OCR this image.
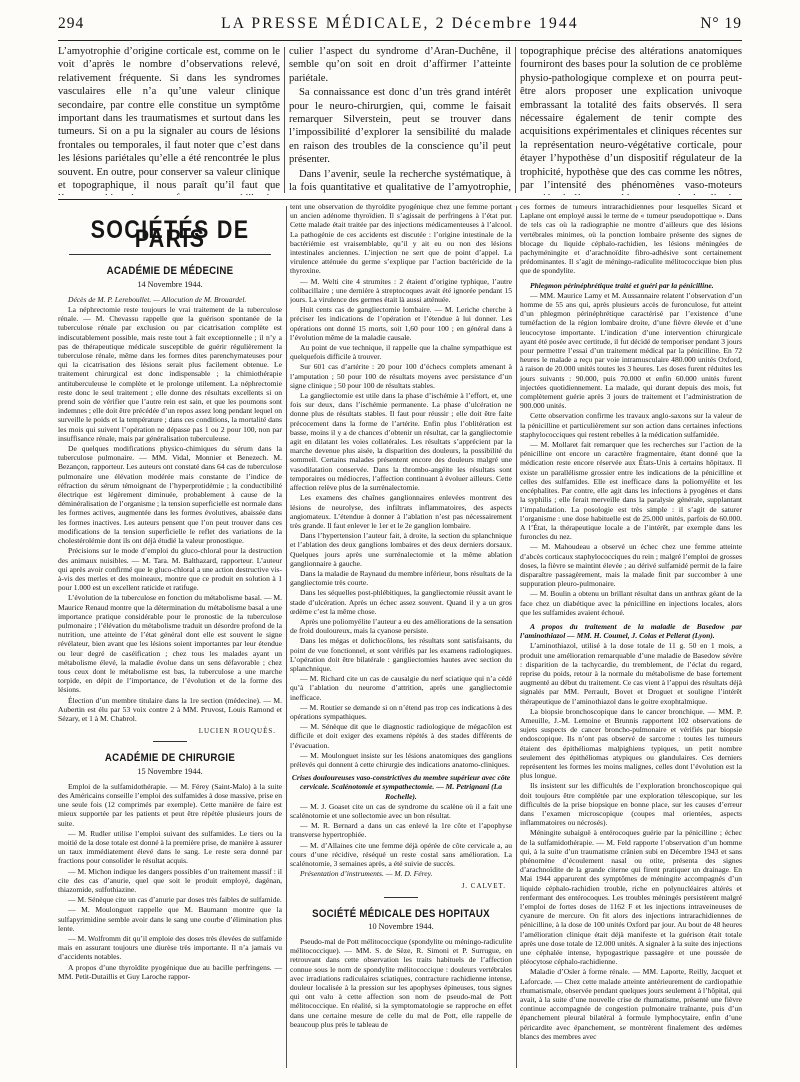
294	LA PRESSE MÉDICALE, 2 Décembre 1944	N° 19

L’amyotrophie d’origine corticale est, comme on le voit d’après le nombre d’observations relevé, relativement fréquente. Si dans les syndromes vasculaires elle n’a qu’une valeur clinique secondaire, par contre elle constitue un symptôme important dans les traumatismes et surtout dans les tumeurs. Si on a pu la signaler au cours de lésions frontales ou temporales, il faut noter que c’est dans les lésions pariétales qu’elle a été rencontrée le plus souvent. En outre, pour conserver sa valeur clinique et topographique, il nous paraît qu’il faut que

culier l’aspect du syndrome d’Aran-Duchêne, il semble qu’on soit en droit d’affirmer l’atteinte pariétale.

Sa connaissance est donc d’un très grand intérêt pour le neuro-chirurgien, qui, comme le faisait remarquer Silverstein, peut se trouver dans l’impossibilité d’explorer la sensibilité du malade en raison des troubles de la conscience qu’il peut présenter.

Dans l’avenir, seule la recherche systématique, à la fois quantitative et qualitative de l’amyotrophie,

topographique précise des altérations anatomiques fourniront des bases pour la solution de ce problème physio-pathologique complexe et on pourra peut-être alors proposer une explication univoque embrassant la totalité des faits observés. Il sera nécessaire également de tenir compte des acquisitions expérimentales et cliniques récentes sur la représentation neuro-végétative corticale, pour étayer l’hypothèse d’un dispositif régulateur de la trophicité, hypothèse que des cas comme les nôtres, par l’intensité des phénomènes vaso-moteurs

SOCIÉTÉS DE PARIS
ACADÉMIE DE MÉDECINE
14 Novembre 1944.

Décès de M. P. Lereboullet. — Allocution de M. Brouardel.

La néphrectomie reste toujours le vrai traitement de la tuberculose rénale. — M. Chevassu rappelle que la guérison spontanée de la tuberculose rénale par exclusion ou par cicatrisation complète est indiscutablement possible, mais reste tout à fait exceptionnelle ; il n’y a pas de thérapeutique médicale susceptible de guérir régulièrement la tuberculose rénale, même dans les formes dites parenchymateuses pour qui la cicatrisation des lésions serait plus facilement obtenue. Le traitement chirurgical est donc indispensable ; la chimiothérapie antituberculeuse le complète et le prolonge utilement. La néphrectomie reste donc le seul traitement ; elle donne des résultats excellents si on prend soin de vérifier que l’autre rein est sain, et que les poumons sont indemnes ; elle doit être précédée d’un repos assez long pendant lequel on surveille le poids et la température ; dans ces conditions, la mortalité dans les mois qui suivent l’opération ne dépasse pas 1 ou 2 pour 100, non par insuffisance rénale, mais par généralisation tuberculeuse.

De quelques modifications physico-chimiques du sérum dans la tuberculose pulmonaire. — MM. Vidal, Monnier et Benezech. M. Bezançon, rapporteur. Les auteurs ont constaté dans 64 cas de tuberculose pulmonaire une élévation modérée mais constante de l’indice de réfraction du sérum témoignant de l’hyperprotidémie ; la conductibilité électrique est légèrement diminuée, probablement à cause de la déminéralisation de l’organisme ; la tension superficielle est normale dans les formes actives, augmentée dans les formes évolutives, abaissée dans les formes inactives. Les auteurs pensent que l’on peut trouver dans ces modifications de la tension superficielle le reflet des variations de la cholestérolémie dont ils ont déjà étudié la valeur pronostique.

Précisions sur le mode d’emploi du gluco-chloral pour la destruction des animaux nuisibles. — M. Tara. M. Balthazard, rapporteur. L’auteur qui après avoir confirmé que le gluco-chloral a une action destructive vis-à-vis des merles et des moineaux, montre que ce produit en solution à 1 pour 1.000 est un excellent raticide et ratifuge.

L’évolution de la tuberculose en fonction du métabolisme basal. — M. Maurice Renaud montre que la détermination du métabolisme basal a une importance pratique considérable pour le pronostic de la tuberculose pulmonaire ; l’élévation du métabolisme traduit un désordre profond de la nutrition, une atteinte de l’état général dont elle est souvent le signe révélateur, bien avant que les lésions soient importantes par leur étendue ou leur degré de caséification ; chez tous les malades ayant un métabolisme élevé, la maladie évolue dans un sens défavorable ; chez tous ceux dont le métabolisme est bas, la tuberculose a une marche torpide, en dépit de l’importance, de l’évolution et de la forme des lésions.

Élection d’un membre titulaire dans la 1re section (médecine). — M. Aubertin est élu par 53 voix contre 2 à MM. Pruvost, Louis Ramond et Sézary, et 1 à M. Chabrol.

LUCIEN ROUQUÈS.
ACADÉMIE DE CHIRURGIE
15 Novembre 1944.

Emploi de la sulfamidothérapie. — M. Férey (Saint-Malo) à la suite des Américains conseille l’emploi des sulfamides à dose massive, prise en une seule fois (12 comprimés par exemple). Cette manière de faire est mieux supportée par les patients et peut être répétée plusieurs jours de suite.

— M. Rudler utilise l’emploi suivant des sulfamides. Le tiers ou la moitié de la dose totale est donné à la première prise, de manière à assurer un taux immédiatement élevé dans le sang. Le reste sera donné par fractions pour consolider le résultat acquis.

— M. Michon indique les dangers possibles d’un traitement massif : il cite des cas d’anurie, quel que soit le produit employé, dagénan, thiazomide, sulfothiazine.

— M. Sénèque cite un cas d’anurie par doses très faibles de sulfamide.

— M. Moulonguet rappelle que M. Baumann montre que la sulfapyrimidine semble avoir dans le sang une courbe d’élimination plus lente.

— M. Wolfromm dit qu’il emploie des doses très élevées de sulfamide mais en assurant toujours une diurèse très importante. Il n’a jamais vu d’accidents notables.

A propos d’une thyroïdite pyogénique due au bacille perfringens. — MM. Petit-Dutaillis et Guy Laroche rappor-

tent une observation de thyroïdite pyogénique chez une femme portant un ancien adénome thyroïdien. Il s’agissait de perfringens à l’état pur. Cette malade était traitée par des injections médicamenteuses à l’alcool. La pathogénie de ces accidents est discutée : l’origine intestinale de la bactériémie est vraisemblable, qu’il y ait eu ou non des lésions intestinales anciennes. L’injection ne sert que de point d’appel. La virulence atténuée du germe s’explique par l’action bactéricide de la thyroxine.

— M. Welti cite 4 strumites : 2 étaient d’origine typhique, l’autre colibacillaire ; une dernière à streptocoques avait été ignorée pendant 15 jours. La virulence des germes était là aussi atténuée.

Huit cents cas de gangliectomie lombaire. — M. Leriche cherche à préciser les indications de l’opération et l’étendue à lui donner. Les opérations ont donné 15 morts, soit 1,60 pour 100 ; en général dans à l’évolution même de la maladie causale.

Au point de vue technique, il rappelle que la chaîne sympathique est quelquefois difficile à trouver.

Sur 601 cas d’artérite : 20 pour 100 d’échecs complets amenant à l’amputation ; 50 pour 100 de résultats moyens avec persistance d’un signe clinique ; 50 pour 100 de résultats stables.

La gangliectomie est utile dans la phase d’ischémie à l’effort, et, une fois sur deux, dans l’ischémie permanente. La phase d’ulcération ne donne plus de résultats stables. Il faut pour réussir ; elle doit être faite précocement dans la forme de l’artérite. Enfin plus l’oblitération est basse, moins il y a de chances d’obtenir un résultat, car la gangliectomie agit en dilatant les voies collatérales. Les résultats s’apprécient par la marche devenue plus aisée, la disparition des douleurs, la possibilité du sommeil. Certains malades présentent encore des douleurs malgré une vasodilatation conservée. Dans la thrombo-angéite les résultats sont temporaires ou médiocres, l’affection continuant à évoluer ailleurs. Cette affection relève plus de la surrénalectomie.

Les examens des chaînes ganglionnaires enlevées montrent des lésions de neurolyse, des infiltrats inflammatoires, des aspects angiomateux. L’étendue à donner à l’ablation n’est pas nécessairement très grande. Il faut enlever le 1er et le 2e ganglion lombaire.

Dans l’hypertension l’auteur fait, à droite, la section du splanchnique et l’ablation des deux ganglions lombaires et des deux derniers dorsaux. Quelques jours après une surrénalectomie et la même ablation ganglionnaire à gauche.

Dans la maladie de Raynaud du membre inférieur, bons résultats de la gangliectomie très courte.

Dans les séquelles post-phlébitiques, la gangliectomie réussit avant le stade d’ulcération. Après un échec assez souvent. Quand il y a un gros œdème c’est la même chose.

Après une poliomyélite l’auteur a eu des améliorations de la sensation de froid douloureux, mais la cyanose persiste.

Dans les mégas et dolichocôlons, les résultats sont satisfaisants, du point de vue fonctionnel, et sont vérifiés par les examens radiologiques. L’opération doit être bilatérale : gangliectomies hautes avec section du splanchnique.

— M. Richard cite un cas de causalgie du nerf sciatique qui n’a cédé qu’à l’ablation du neurome d’attrition, après une gangliectomie inefficace.

— M. Routier se demande si on n’étend pas trop ces indications à des opérations sympathiques.

— M. Sénèque dit que le diagnostic radiologique de mégacôlon est difficile et doit exiger des examens répétés à des stades différents de l’évacuation.

— M. Moulonguet insiste sur les lésions anatomiques des ganglions prélevés qui donnent à cette chirurgie des indications anatomo-cliniques.

Crises douloureuses vaso-constrictives du membre supérieur avec côte cervicale. Scalénotomie et sympathectomie. — M. Petrignani (La Rochelle).

— M. J. Goaset cite un cas de syndrome du scalène où il a fait une scalénotomie et une sollectomie avec un bon résultat.

— M. R. Bernard a dans un cas enlevé la 1re côte et l’apophyse transverse hypertrophiée.

— M. d’Allaines cite une femme déjà opérée de côte cervicale a, au cours d’une récidive, réséqué un reste costal sans amélioration. La scalénotomie, 3 semaines après, a été suivie de succès.

Présentation d’instruments. — M. D. Férey.

J. CALVET.
SOCIÉTÉ MÉDICALE DES HOPITAUX
10 Novembre 1944.

Pseudo-mal de Pott mélitococcique (spondylite ou méningo-radiculite mélitococcique). — MM. S. de Sèze, R. Simoni et P. Surrugue, en retrouvant dans cette observation les traits habituels de l’affection connue sous le nom de spondylite mélitococcique : douleurs vertébrales avec irradiations radiculaires sciatiques, contracture rachidienne intense, douleur localisée à la pression sur les apophyses épineuses, tous signes qui ont valu à cette affection son nom de pseudo-mal de Pott mélitococcique. En réalité, si la symptomatologie se rapproche en effet dans une certaine mesure de celle du mal de Pott, elle rappelle de beaucoup plus près le tableau de

ces formes de tumeurs intrarachidiennes pour lesquelles Sicard et Laplane ont employé aussi le terme de « tumeur pseudopottique ». Dans de tels cas où la radiographie ne montre d’ailleurs que des lésions vertébrales minimes, où la ponction lombaire présente des signes de blocage du liquide céphalo-rachidien, les lésions méningées de pachyméningite et d’arachnoïdite fibro-adhésive sont certainement prédominantes. Il s’agit de méningo-radiculite mélitococcique bien plus que de spondylite.

Phlegmon périnéphrétique traité et guéri par la pénicilline.

— MM. Maurice Lamy et M. Aussannaire relatent l’observation d’un homme de 55 ans qui, après plusieurs accès de furonculose, fut atteint d’un phlegmon périnéphrétique caractérisé par l’existence d’une tuméfaction de la région lombaire droite, d’une fièvre élevée et d’une leucocytose importante. L’indication d’une intervention chirurgicale ayant été posée avec certitude, il fut décidé de temporiser pendant 3 jours pour permettre l’essai d’un traitement médical par la pénicilline. En 72 heures le malade a reçu par voie intramusculaire 480.000 unités Oxford, à raison de 20.000 unités toutes les 3 heures. Les doses furent réduites les jours suivants : 90.000, puis 70.000 et enfin 60.000 unités furent injectées quotidiennement. La malade, qui durant depuis des mois, fut complètement guérie après 3 jours de traitement et l’administration de 900.000 unités.

Cette observation confirme les travaux anglo-saxons sur la valeur de la pénicilline et particulièrement sur son action dans certaines infections staphylococciques qui restent rebelles à la médication sulfamidée.

— M. Mollaret fait remarquer que les recherches sur l’action de la pénicilline ont encore un caractère fragmentaire, étant donné que la médication reste encore réservée aux États-Unis à certains hôpitaux. Il existe un parallélisme grossier entre les indications de la pénicilline et celles des sulfamides. Elle est inefficace dans la poliomyélite et les encéphalites. Par contre, elle agit dans les infections à pyogènes et dans la syphilis ; elle ferait merveille dans la paralysie générale, supplantant l’impaludation. La posologie est très simple : il s’agit de saturer l’organisme : une dose habituelle est de 25.000 unités, parfois de 60.000. A l’État, la thérapeutique locale a de l’intérêt, par exemple dans les furoncles du nez.

— M. Mahoudeau a observé un échec chez une femme atteinte d’abcès corticaux staphylococciques du rein ; malgré l’emploi de grosses doses, la fièvre se maintint élevée ; au dérivé sulfamidé permit de la faire disparaître passagèrement, mais la malade finit par succomber à une suppuration pleuro-pulmonaire.

— M. Boulin a obtenu un brillant résultat dans un anthrax géant de la face chez un diabétique avec la pénicilline en injections locales, alors que les sulfamides avaient échoué.

A propos du traitement de la maladie de Basedow par l’aminothiazol — MM. H. Coumel, J. Colas et Pellerat (Lyon).

L’aminothiazol, utilisé à la dose totale de 11 g. 50 en 1 mois, a produit une amélioration remarquable d’une maladie de Basedow sévère : disparition de la tachycardie, du tremblement, de l’éclat du regard, reprise du poids, retour à la normale du métabolisme de base fortement augmenté au début du traitement. Ce cas vient à l’appui des résultats déjà signalés par MM. Perrault, Bovet et Droguet et souligne l’intérêt thérapeutique de l’aminothiazol dans le goitre exophtalmique.

La biopsie bronchoscopique dans le cancer bronchique. — MM. P. Ameuille, J.-M. Lemoine et Brunnis rapportent 102 observations de sujets suspects de cancer broncho-pulmonaire et vérifiés par biopsie endoscopique. Ils n’ont pas observé de sarcome : toutes les tumeurs étaient des épithéliomas malpighiens typiques, un petit nombre seulement des épithéliomas atypiques ou glandulaires. Ces derniers représentent les formes les moins malignes, celles dont l’évolution est la plus longue.

Ils insistent sur les difficultés de l’exploration bronchoscopique qui doit toujours être complétée par une exploration télescopique, sur les difficultés de la prise biopsique en bonne place, sur les causes d’erreur dans l’examen microscopique (coupes mal orientées, aspects inflammatoires ou nécrosés).

Méningite subaiguë à entérocoques guérie par la pénicilline ; échec de la sulfamidothérapie. — M. Feld rapporte l’observation d’un homme qui, à la suite d’un traumatisme crânien subi en Décembre 1943 et sans phénomène d’écoulement nasal ou otite, présenta des signes d’arachnoïdite de la grande citerne qui firent pratiquer un drainage. En Mai 1944 apparurent des symptômes de méningite accompagnés d’un liquide céphalo-rachidien trouble, riche en polynucléaires altérés et renfermant des entérocoques. Les troubles méningés persistèrent malgré l’emploi de fortes doses de 1162 F et les injections intraveineuses de cyanure de mercure. On fit alors des injections intrarachidiennes de pénicilline, à la dose de 100 unités Oxford par jour. Au bout de 48 heures l’amélioration clinique était déjà manifeste et la guérison était totale après une dose totale de 12.000 unités. A signaler à la suite des injections une céphalée intense, hypogastrique passagère et une poussée de pléocytose céphalo-rachidienne.

Maladie d’Osler à forme rénale. — MM. Laporte, Reilly, Jacquet et Laforcade. — Chez cette malade atteinte antérieurement de cardiopathie rhumatismale, observée pendant quelques jours seulement à l’hôpital, qui avait, à la suite d’une nouvelle crise de rhumatisme, présenté une fièvre continue accompagnée de congestion pulmonaire traînante, puis d’un épanchement pleural bilatéral à formule lymphocytaire, enfin d’une péricardite avec épanchement, se montrèrent finalement des œdèmes blancs des membres avec
